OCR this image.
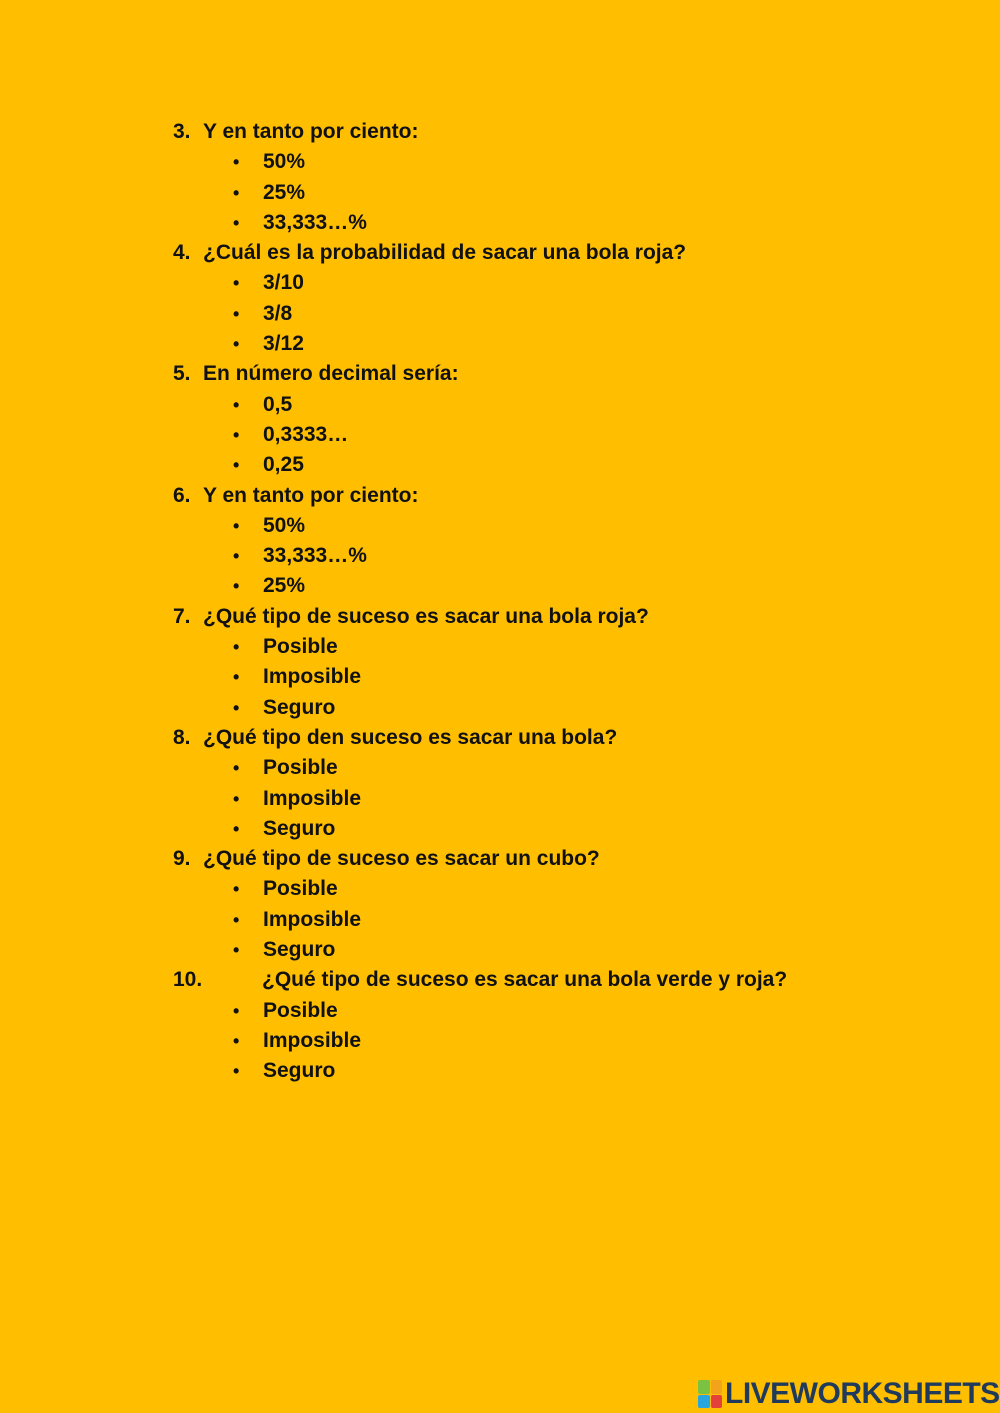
3. Y en tanto por ciento:
• 50%
• 25%
• 33,333…%
4. ¿Cuál es la probabilidad de sacar una bola roja?
• 3/10
• 3/8
• 3/12
5. En número decimal sería:
• 0,5
• 0,3333…
• 0,25
6. Y en tanto por ciento:
• 50%
• 33,333…%
• 25%
7. ¿Qué tipo de suceso es sacar una bola roja?
• Posible
• Imposible
• Seguro
8. ¿Qué tipo den suceso es sacar una bola?
• Posible
• Imposible
• Seguro
9. ¿Qué tipo de suceso es sacar un cubo?
• Posible
• Imposible
• Seguro
10.	¿Qué tipo de suceso es sacar una bola verde y roja?
• Posible
• Imposible
• Seguro
LIVEWORKSHEETS
